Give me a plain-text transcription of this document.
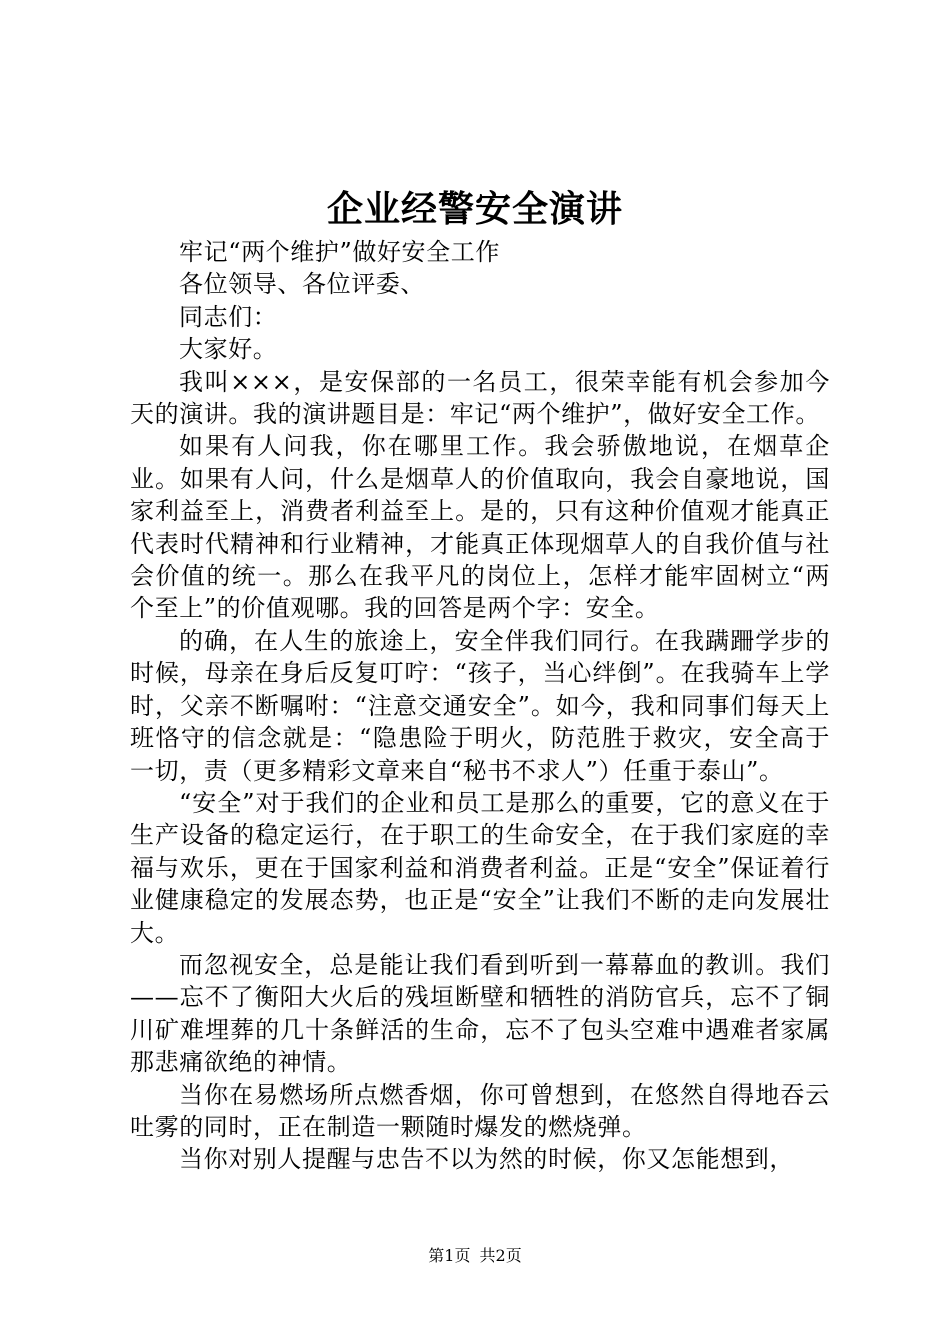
企业经警安全演讲

牢记“两个维护”做好安全工作

各位领导、各位评委、

同志们：

大家好。

我叫×××，是安保部的一名员工，很荣幸能有机会参加今天的演讲。我的演讲题目是：牢记“两个维护”，做好安全工作。

如果有人问我，你在哪里工作。我会骄傲地说，在烟草企业。如果有人问，什么是烟草人的价值取向，我会自豪地说，国家利益至上，消费者利益至上。是的，只有这种价值观才能真正代表时代精神和行业精神，才能真正体现烟草人的自我价值与社会价值的统一。那么在我平凡的岗位上，怎样才能牢固树立“两个至上”的价值观哪。我的回答是两个字：安全。

的确，在人生的旅途上，安全伴我们同行。在我蹒跚学步的时候，母亲在身后反复叮咛：“孩子，当心绊倒”。在我骑车上学时，父亲不断嘱咐：“注意交通安全”。如今，我和同事们每天上班恪守的信念就是：“隐患险于明火，防范胜于救灾，安全高于一切，责（更多精彩文章来自“秘书不求人”）任重于泰山”。

“安全”对于我们的企业和员工是那么的重要，它的意义在于生产设备的稳定运行，在于职工的生命安全，在于我们家庭的幸福与欢乐，更在于国家利益和消费者利益。正是“安全”保证着行业健康稳定的发展态势，也正是“安全”让我们不断的走向发展壮大。

而忽视安全，总是能让我们看到听到一幕幕血的教训。我们——忘不了衡阳大火后的残垣断壁和牺牲的消防官兵，忘不了铜川矿难埋葬的几十条鲜活的生命，忘不了包头空难中遇难者家属那悲痛欲绝的神情。

当你在易燃场所点燃香烟，你可曾想到，在悠然自得地吞云吐雾的同时，正在制造一颗随时爆发的燃烧弹。

当你对别人提醒与忠告不以为然的时候，你又怎能想到，

第1页 共2页
